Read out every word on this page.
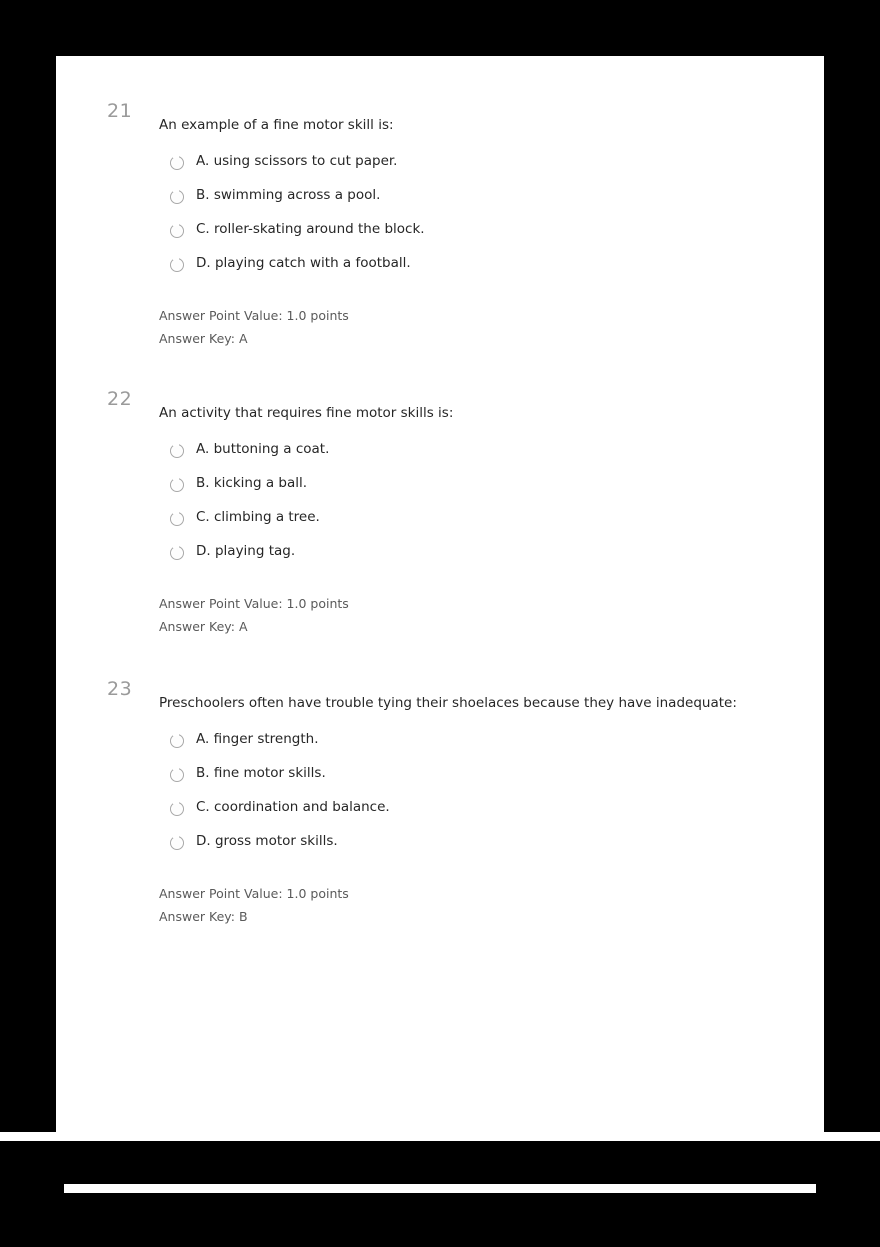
21

An example of a fine motor skill is:

A. using scissors to cut paper.
B. swimming across a pool.
C. roller-skating around the block.
D. playing catch with a football.
Answer Point Value: 1.0 points
Answer Key: A
22

An activity that requires fine motor skills is:

A. buttoning a coat.
B. kicking a ball.
C. climbing a tree.
D. playing tag.
Answer Point Value: 1.0 points
Answer Key: A
23

Preschoolers often have trouble tying their shoelaces because they have inadequate:

A. finger strength.
B. fine motor skills.
C. coordination and balance.
D. gross motor skills.
Answer Point Value: 1.0 points
Answer Key: B
